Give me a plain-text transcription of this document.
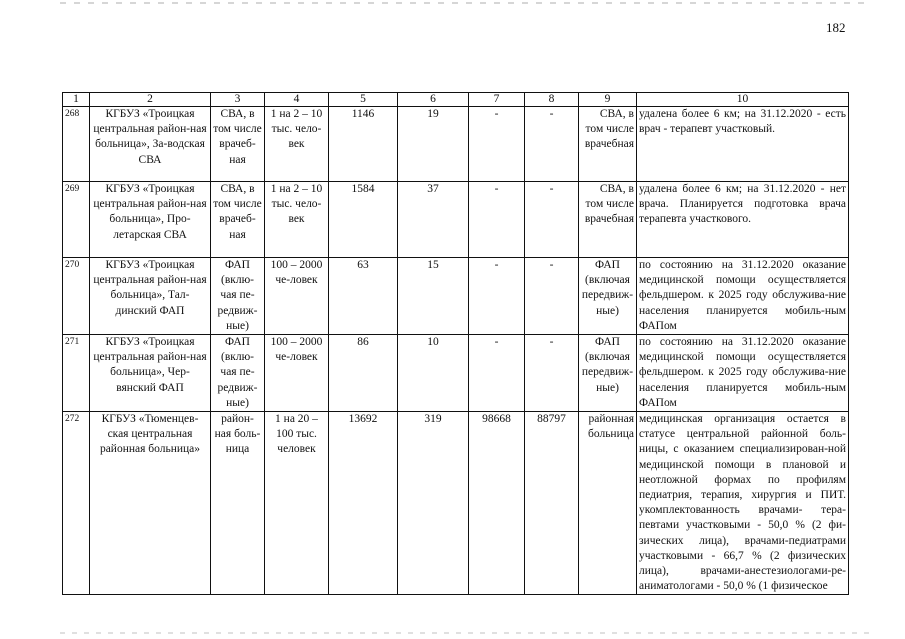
182
1	2	3	4	5	6	7	8	9	10
268	КГБУЗ «Троицкая центральная район-ная больница», За-водская СВА	СВА, в том числе врачеб-ная	1 на 2 – 10 тыс. чело-век	1146	19	-	-	СВА, в том числе врачебная	удалена более 6 км; на 31.12.2020 - есть врач - терапевт участковый.
269	КГБУЗ «Троицкая центральная район-ная больница», Про-летарская СВА	СВА, в том числе врачеб-ная	1 на 2 – 10 тыс. чело-век	1584	37	-	-	СВА, в том числе врачебная	удалена более 6 км; на 31.12.2020 - нет врача. Планируется подготовка врача терапевта участкового.
270	КГБУЗ «Троицкая центральная район-ная больница», Тал-динский ФАП	ФАП (вклю-чая пе-редвиж-ные)	100 – 2000 че-ловек	63	15	-	-	ФАП (включая передвиж-ные)	по состоянию на 31.12.2020 оказание медицинской помощи осуществляется фельдшером. к 2025 году обслужива-ние населения планируется мобиль-ным ФАПом
271	КГБУЗ «Троицкая центральная район-ная больница», Чер-вянский ФАП	ФАП (вклю-чая пе-редвиж-ные)	100 – 2000 че-ловек	86	10	-	-	ФАП (включая передвиж-ные)	по состоянию на 31.12.2020 оказание медицинской помощи осуществляется фельдшером. к 2025 году обслужива-ние населения планируется мобиль-ным ФАПом
272	КГБУЗ «Тюменцев-ская центральная районная больница»	район-ная боль-ница	1 на 20 – 100 тыс. человек	13692	319	98668	88797	районная больница	медицинская организация остается в статусе центральной районной боль-ницы, с оказанием специализирован-ной медицинской помощи в плановой и неотложной формах по профилям педиатрия, терапия, хирургия и ПИТ. укомплектованность врачами- тера-певтами участковыми - 50,0 % (2 фи-зических лица), врачами-педиатрами участковыми - 66,7 % (2 физических лица), врачами-анестезиологами-ре-аниматологами - 50,0 % (1 физическое
